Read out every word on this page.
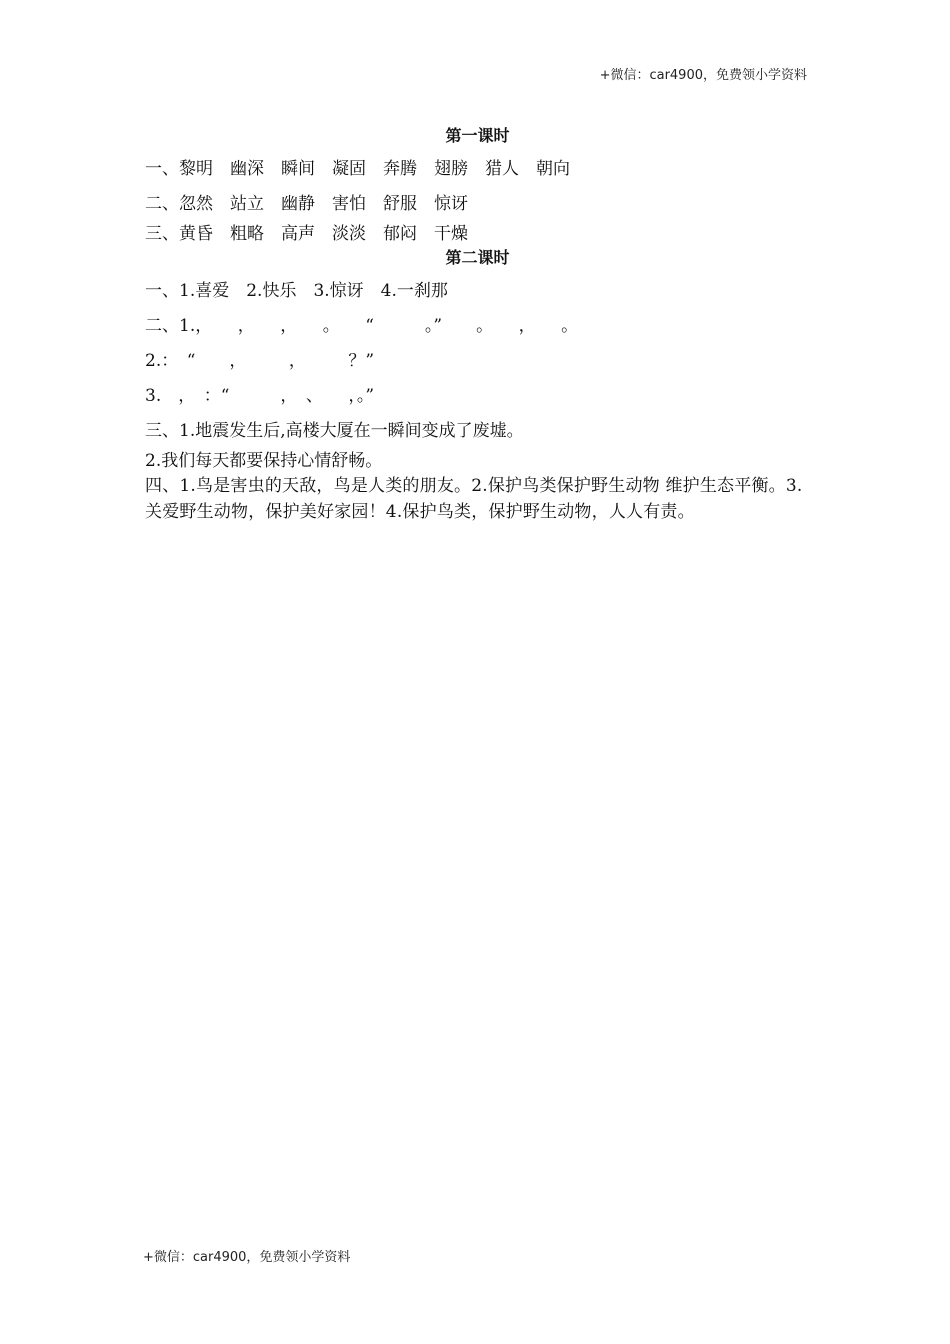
+微信：car4900，免费领小学资料
第一课时
一、黎明　幽深　瞬间　凝固　奔腾　翅膀　猎人　朝向
二、忽然　站立　幽静　害怕　舒服　惊讶
三、黄昏　粗略　高声　淡淡　郁闷　干燥
第二课时
一、1.喜爱　2.快乐　3.惊讶　4.一刹那
二、1.，　　，　　，　　。　　“　　　。”　　。　　，　　。
2.：　“　　，　　　，　　　？”
3.　，　：“　　　，　、　　，。”
三、1.地震发生后,高楼大厦在一瞬间变成了废墟。
2.我们每天都要保持心情舒畅。
四、1.鸟是害虫的天敌，鸟是人类的朋友。2.保护鸟类保护野生动物 维护生态平衡。3.关爱野生动物，保护美好家园！4.保护鸟类，保护野生动物，人人有责。
+微信：car4900，免费领小学资料
